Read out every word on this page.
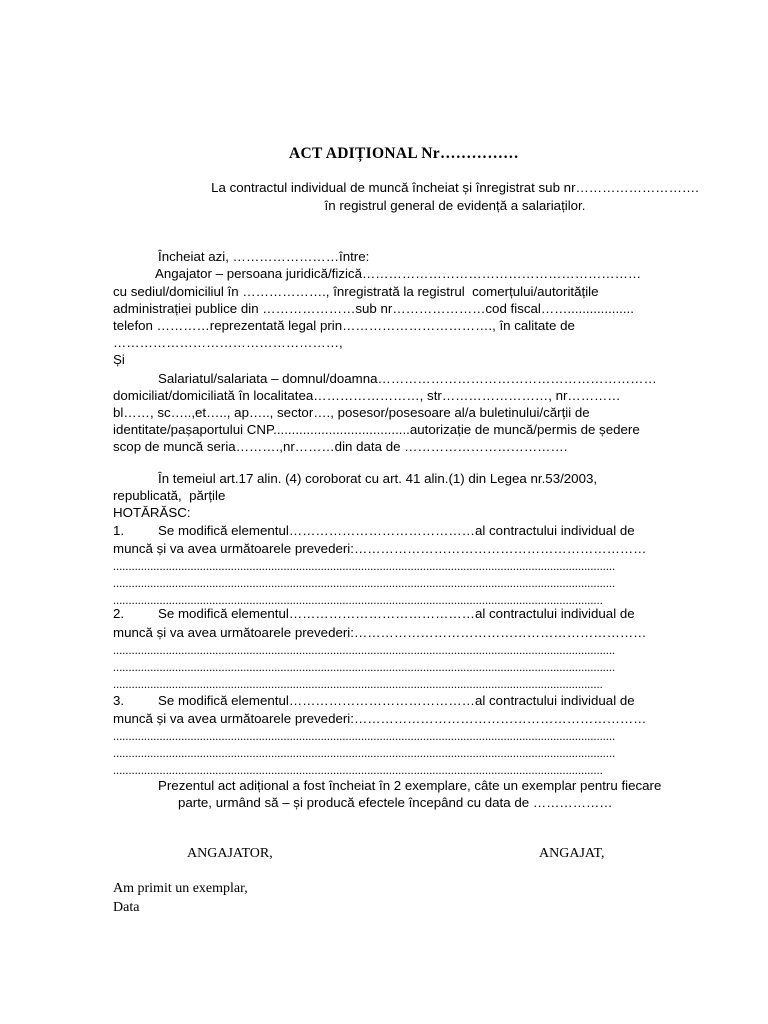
ACT ADIȚIONAL Nr……………
La contractul individual de muncă încheiat și înregistrat sub nr……………………….
în registrul general de evidență a salariaților.
Încheiat azi, ……………………între:
Angajator – persoana juridică/fizică………………………………………………………
cu sediul/domiciliul în ………………., înregistrată la registrul  comerțului/autoritățile
administrației publice din …………………sub nr…………………cod fiscal……..................
telefon …………reprezentată legal prin……………………………., în calitate de
……………………………………………,
Și
Salariatul/salariata – domnul/doamna………………………………………………………
domiciliat/domiciliată în localitatea……………………, str……………………, nr…………
bl……, sc…..,et….., ap….., sector…., posesor/posesoare al/a buletinului/cărții de
identitate/pașaportului CNP.....................................autorizație de muncă/permis de ședere
scop de muncă seria……….,nr………din data de ……………………………….
În temeiul art.17 alin. (4) coroborat cu art. 41 alin.(1) din Legea nr.53/2003,
republicată,  părțile
HOTĂRĂSC:
1.	Se modifică elementul……………………………………al contractului individual de
muncă și va avea următoarele prevederi:…………………………………………………………
..................................................................................................................................................................
..................................................................................................................................................................
..............................................................................................................................................................
2.	Se modifică elementul……………………………………al contractului individual de
muncă și va avea următoarele prevederi:…………………………………………………………
..................................................................................................................................................................
..................................................................................................................................................................
..............................................................................................................................................................
3.	Se modifică elementul……………………………………al contractului individual de
muncă și va avea următoarele prevederi:…………………………………………………………
..................................................................................................................................................................
..................................................................................................................................................................
..............................................................................................................................................................
Prezentul act adițional a fost încheiat în 2 exemplare, câte un exemplar pentru fiecare
parte, urmând să – și producă efectele începând cu data de ………………
ANGAJATOR,	ANGAJAT,
Am primit un exemplar,
Data
